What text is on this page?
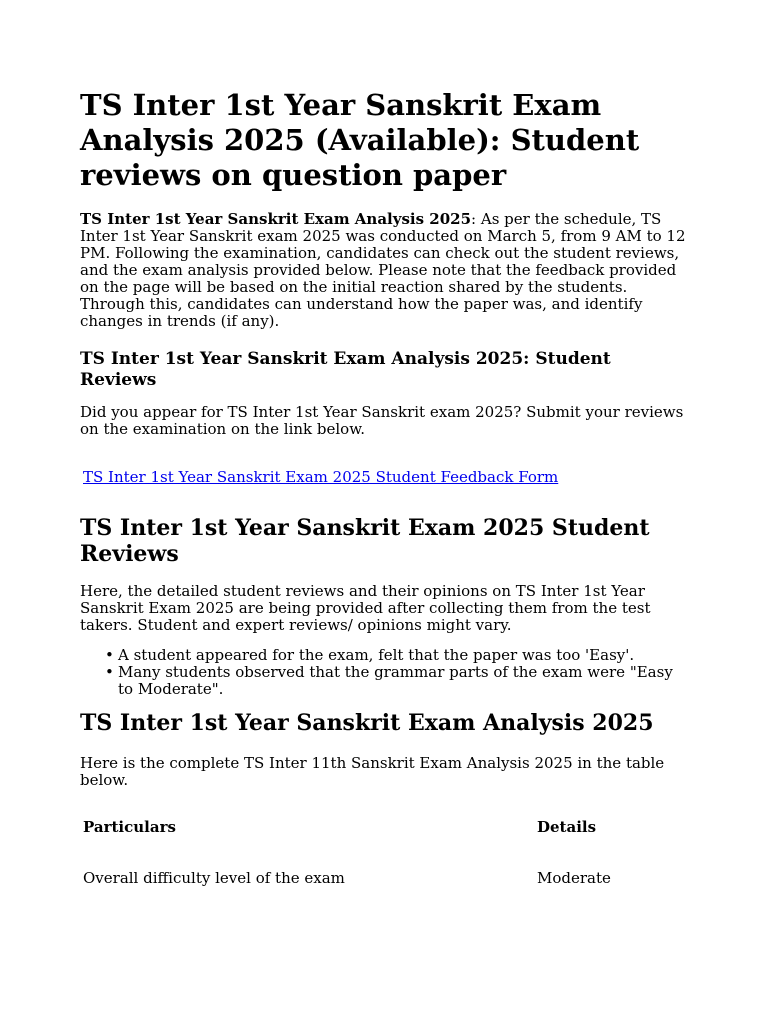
TS Inter 1st Year Sanskrit Exam Analysis 2025 (Available): Student reviews on question paper

TS Inter 1st Year Sanskrit Exam Analysis 2025: As per the schedule, TS Inter 1st Year Sanskrit exam 2025 was conducted on March 5, from 9 AM to 12 PM. Following the examination, candidates can check out the student reviews, and the exam analysis provided below. Please note that the feedback provided on the page will be based on the initial reaction shared by the students. Through this, candidates can understand how the paper was, and identify changes in trends (if any).

TS Inter 1st Year Sanskrit Exam Analysis 2025: Student Reviews

Did you appear for TS Inter 1st Year Sanskrit exam 2025? Submit your reviews on the examination on the link below.

TS Inter 1st Year Sanskrit Exam 2025 Student Feedback Form
TS Inter 1st Year Sanskrit Exam 2025 Student Reviews

Here, the detailed student reviews and their opinions on TS Inter 1st Year Sanskrit Exam 2025 are being provided after collecting them from the test takers. Student and expert reviews/ opinions might vary.

• A student appeared for the exam, felt that the paper was too 'Easy'.
• Many students observed that the grammar parts of the exam were "Easy to Moderate".
TS Inter 1st Year Sanskrit Exam Analysis 2025

Here is the complete TS Inter 11th Sanskrit Exam Analysis 2025 in the table below.

Particulars	Details
Overall difficulty level of the exam	Moderate
